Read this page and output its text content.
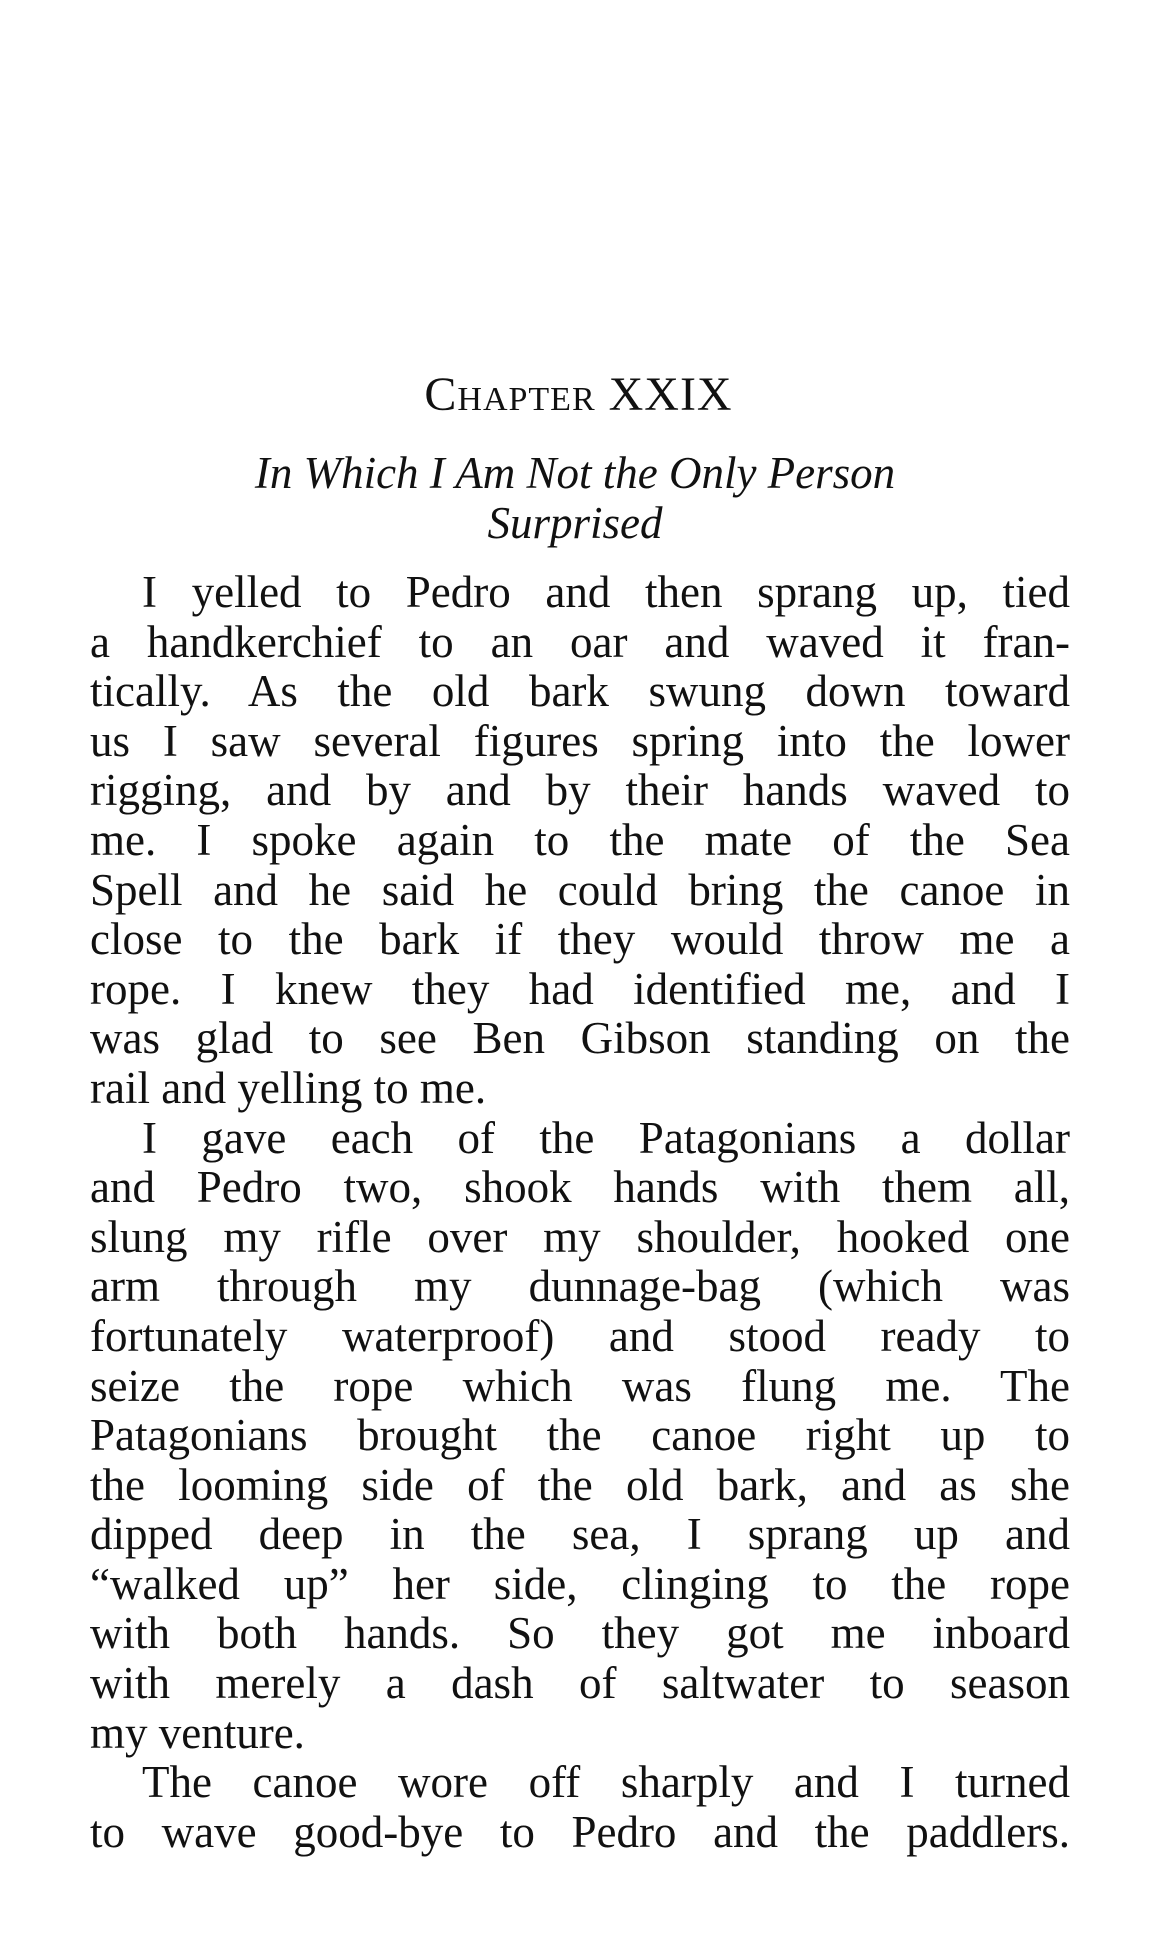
Chapter XXIX
In Which I Am Not the Only Person
Surprised
I yelled to Pedro and then sprang up, tied
a handkerchief to an oar and waved it fran-
tically. As the old bark swung down toward
us I saw several figures spring into the lower
rigging, and by and by their hands waved to
me. I spoke again to the mate of the Sea
Spell and he said he could bring the canoe in
close to the bark if they would throw me a
rope. I knew they had identified me, and I
was glad to see Ben Gibson standing on the
rail and yelling to me.
I gave each of the Patagonians a dollar
and Pedro two, shook hands with them all,
slung my rifle over my shoulder, hooked one
arm through my dunnage-bag (which was
fortunately waterproof) and stood ready to
seize the rope which was flung me. The
Patagonians brought the canoe right up to
the looming side of the old bark, and as she
dipped deep in the sea, I sprang up and
“walked up” her side, clinging to the rope
with both hands. So they got me inboard
with merely a dash of saltwater to season
my venture.
The canoe wore off sharply and I turned
to wave good-bye to Pedro and the paddlers.
